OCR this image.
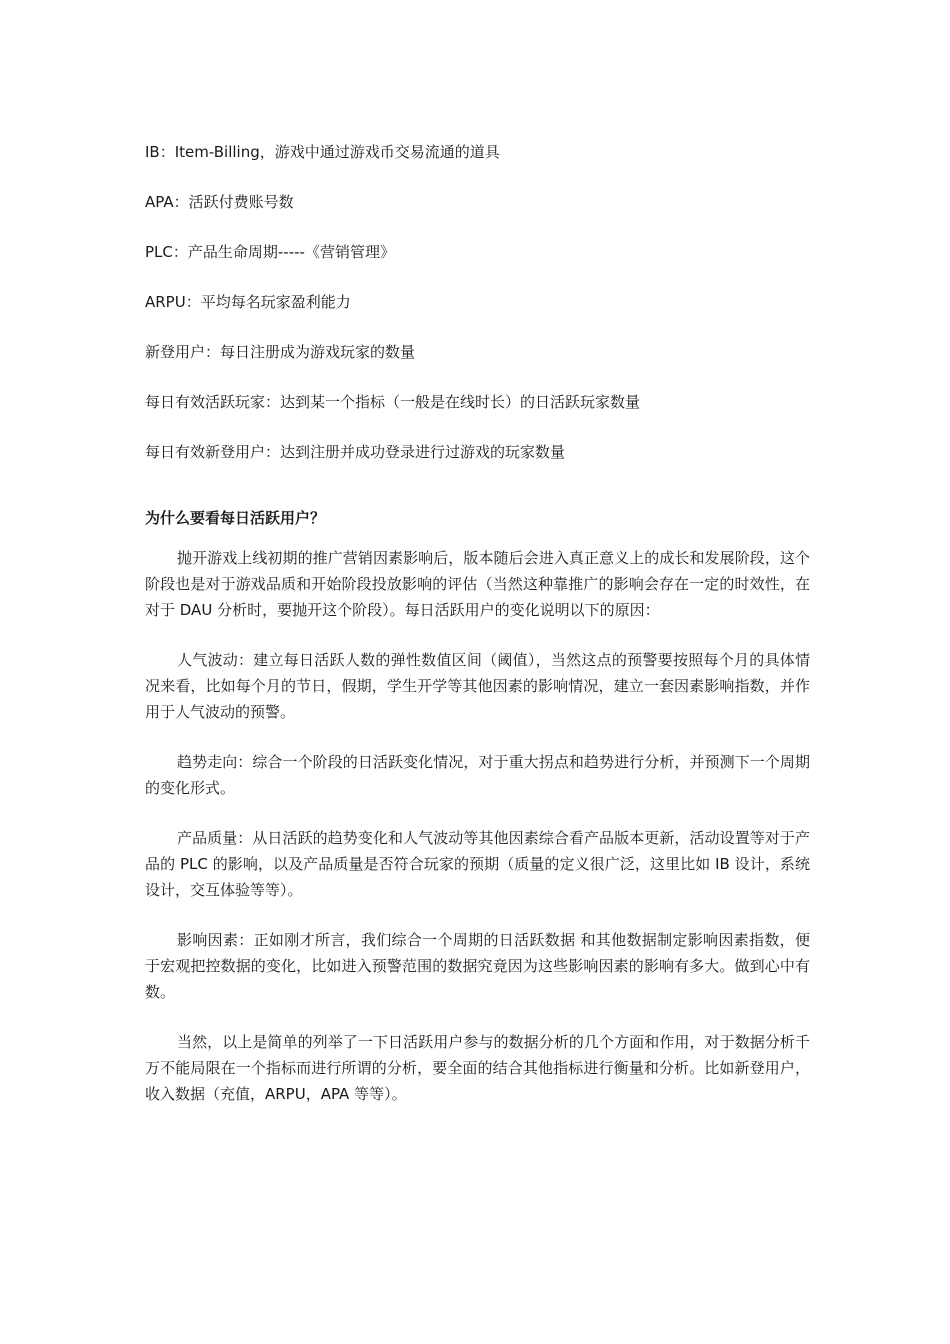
IB：Item-Billing，游戏中通过游戏币交易流通的道具
APA：活跃付费账号数
PLC：产品生命周期-----《营销管理》
ARPU：平均每名玩家盈利能力
新登用户：每日注册成为游戏玩家的数量
每日有效活跃玩家：达到某一个指标（一般是在线时长）的日活跃玩家数量
每日有效新登用户：达到注册并成功登录进行过游戏的玩家数量
为什么要看每日活跃用户？

抛开游戏上线初期的推广营销因素影响后，版本随后会进入真正意义上的成长和发展阶段，这个阶段也是对于游戏品质和开始阶段投放影响的评估（当然这种靠推广的影响会存在一定的时效性，在对于 DAU 分析时，要抛开这个阶段）。每日活跃用户的变化说明以下的原因：

人气波动：建立每日活跃人数的弹性数值区间（阈值），当然这点的预警要按照每个月的具体情况来看，比如每个月的节日，假期，学生开学等其他因素的影响情况，建立一套因素影响指数，并作用于人气波动的预警。

趋势走向：综合一个阶段的日活跃变化情况，对于重大拐点和趋势进行分析，并预测下一个周期的变化形式。

产品质量：从日活跃的趋势变化和人气波动等其他因素综合看产品版本更新，活动设置等对于产品的 PLC 的影响，以及产品质量是否符合玩家的预期（质量的定义很广泛，这里比如 IB 设计，系统设计，交互体验等等）。

影响因素：正如刚才所言，我们综合一个周期的日活跃数据 和其他数据制定影响因素指数，便于宏观把控数据的变化，比如进入预警范围的数据究竟因为这些影响因素的影响有多大。做到心中有数。

当然，以上是简单的列举了一下日活跃用户参与的数据分析的几个方面和作用，对于数据分析千万不能局限在一个指标而进行所谓的分析，要全面的结合其他指标进行衡量和分析。比如新登用户，收入数据（充值，ARPU，APA 等等）。
